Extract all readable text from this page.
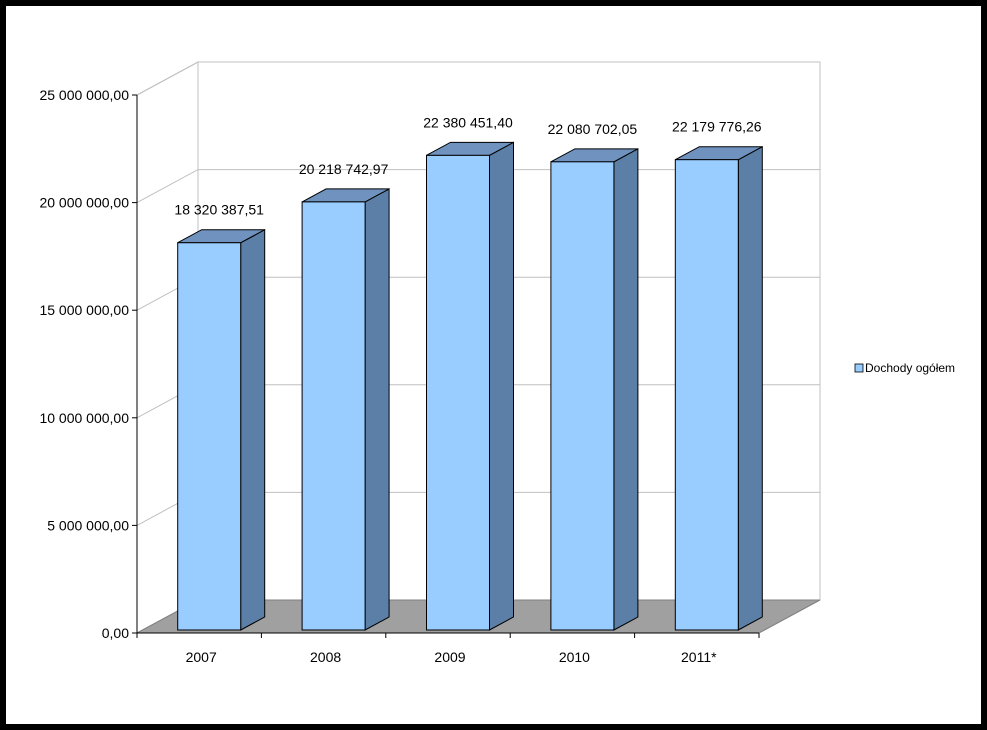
0,00
5 000 000,00
10 000 000,00
15 000 000,00
20 000 000,00
25 000 000,00
2007	2008	2009	2010	2011*
18 320 387,51
20 218 742,97
22 380 451,40 22 080 702,05 22 179 776,26
Dochody ogółem
